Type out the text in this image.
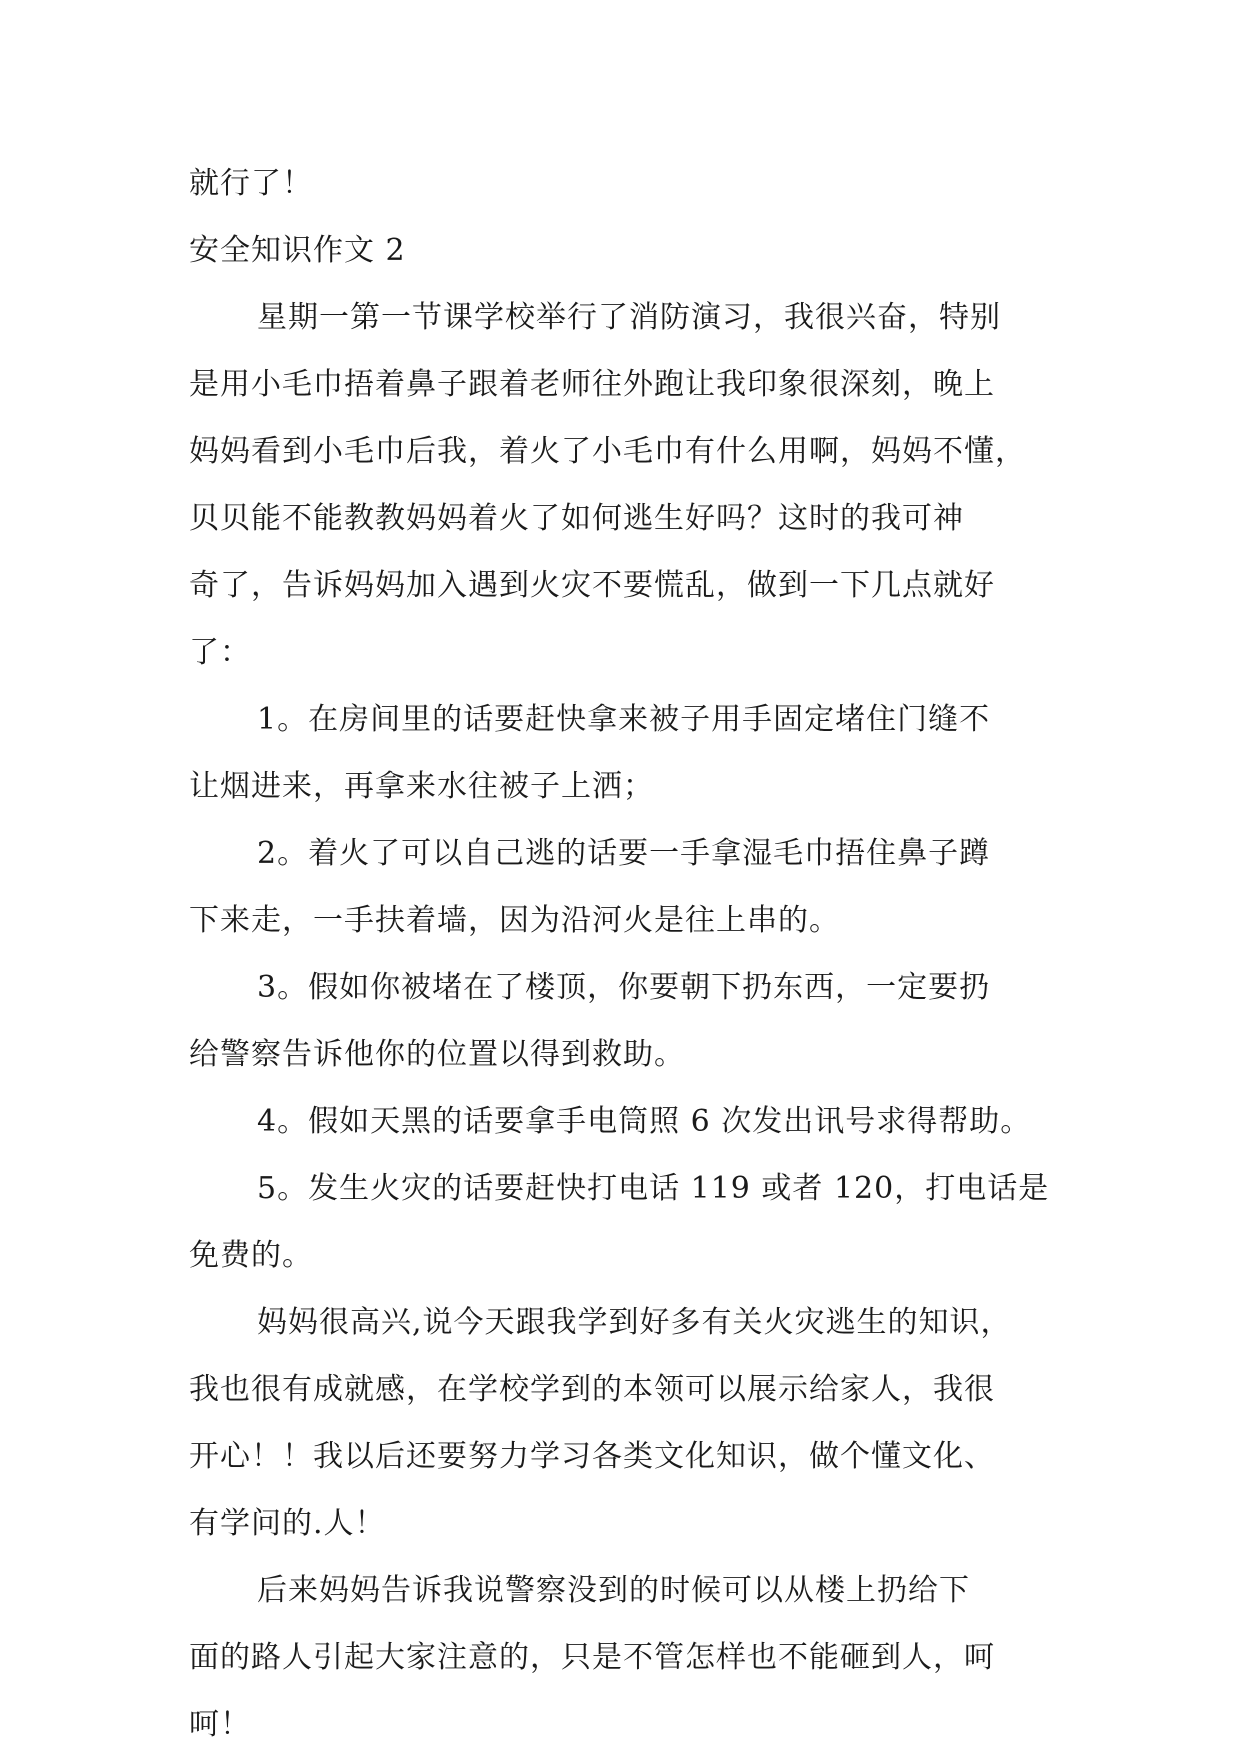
就行了！

安全知识作文 2

星期一第一节课学校举行了消防演习，我很兴奋，特别

是用小毛巾捂着鼻子跟着老师往外跑让我印象很深刻，晚上

妈妈看到小毛巾后我，着火了小毛巾有什么用啊，妈妈不懂，

贝贝能不能教教妈妈着火了如何逃生好吗？这时的我可神

奇了，告诉妈妈加入遇到火灾不要慌乱，做到一下几点就好

了：

1。在房间里的话要赶快拿来被子用手固定堵住门缝不

让烟进来，再拿来水往被子上洒；

2。着火了可以自己逃的话要一手拿湿毛巾捂住鼻子蹲

下来走，一手扶着墙，因为沿河火是往上串的。

3。假如你被堵在了楼顶，你要朝下扔东西，一定要扔

给警察告诉他你的位置以得到救助。

4。假如天黑的话要拿手电筒照 6 次发出讯号求得帮助。

5。发生火灾的话要赶快打电话 119 或者 120，打电话是

免费的。

妈妈很高兴,说今天跟我学到好多有关火灾逃生的知识，

我也很有成就感，在学校学到的本领可以展示给家人，我很

开心！！我以后还要努力学习各类文化知识，做个懂文化、

有学问的.人！

后来妈妈告诉我说警察没到的时候可以从楼上扔给下

面的路人引起大家注意的，只是不管怎样也不能砸到人，呵

呵！
